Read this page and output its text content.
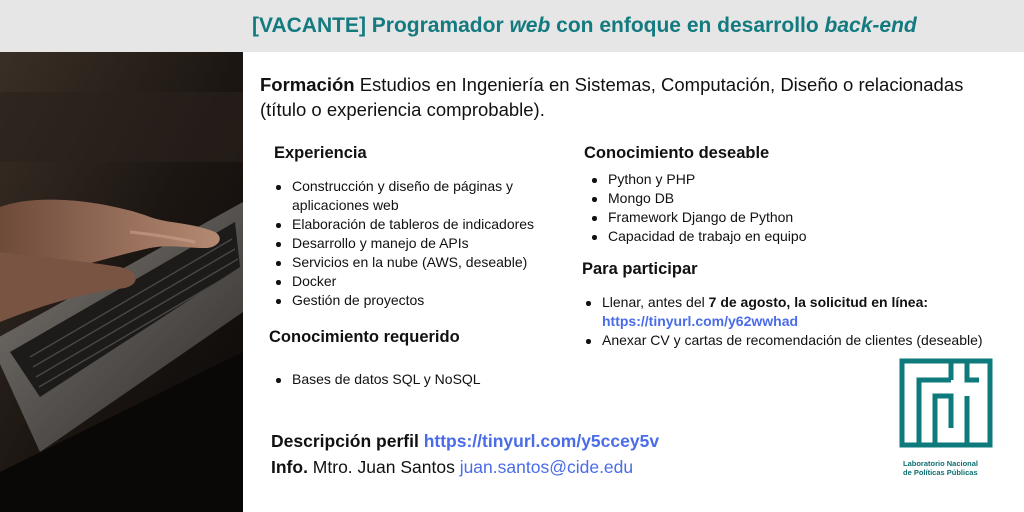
[VACANTE] Programador web con enfoque en desarrollo back-end
Formación Estudios en Ingeniería en Sistemas, Computación, Diseño o relacionadas (título o experiencia comprobable).
Experiencia
Construcción y diseño de páginas y aplicaciones web
Elaboración de tableros de indicadores
Desarrollo y manejo de APIs
Servicios en la nube (AWS, deseable)
Docker
Gestión de proyectos
Conocimiento requerido
Bases de datos SQL y NoSQL
Conocimiento deseable
Python y PHP
Mongo DB
Framework Django de Python
Capacidad de trabajo en equipo
Para participar
Llenar, antes del 7 de agosto, la solicitud en línea:
https://tinyurl.com/y62wwhad
Anexar CV y cartas de recomendación de clientes (deseable)
Descripción perfil https://tinyurl.com/y5ccey5v
Info. Mtro. Juan Santos juan.santos@cide.edu	Laboratorio Nacional
de Políticas Públicas
